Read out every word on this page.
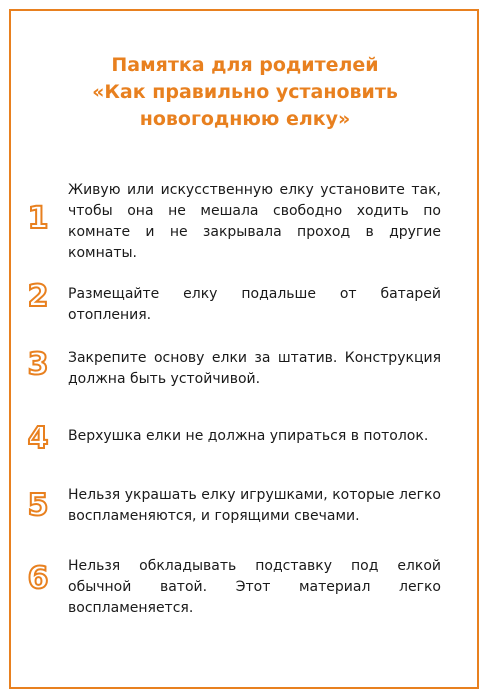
Памятка для родителей
«Как правильно установить
новогоднюю елку»
1
Живую или искусственную елку установите так, чтобы она не мешала свободно ходить по комнате и не закрывала проход в другие комнаты.
2	Размещайте елку подальше от батарей отопления.
3	Закрепите основу елки за штатив. Конструкция должна быть устойчивой.
4	Верхушка елки не должна упираться в потолок.
5	Нельзя украшать елку игрушками, которые легко воспламеняются, и горящими свечами.
6	Нельзя обкладывать подставку под елкой обычной ватой. Этот материал легко воспламеняется.
